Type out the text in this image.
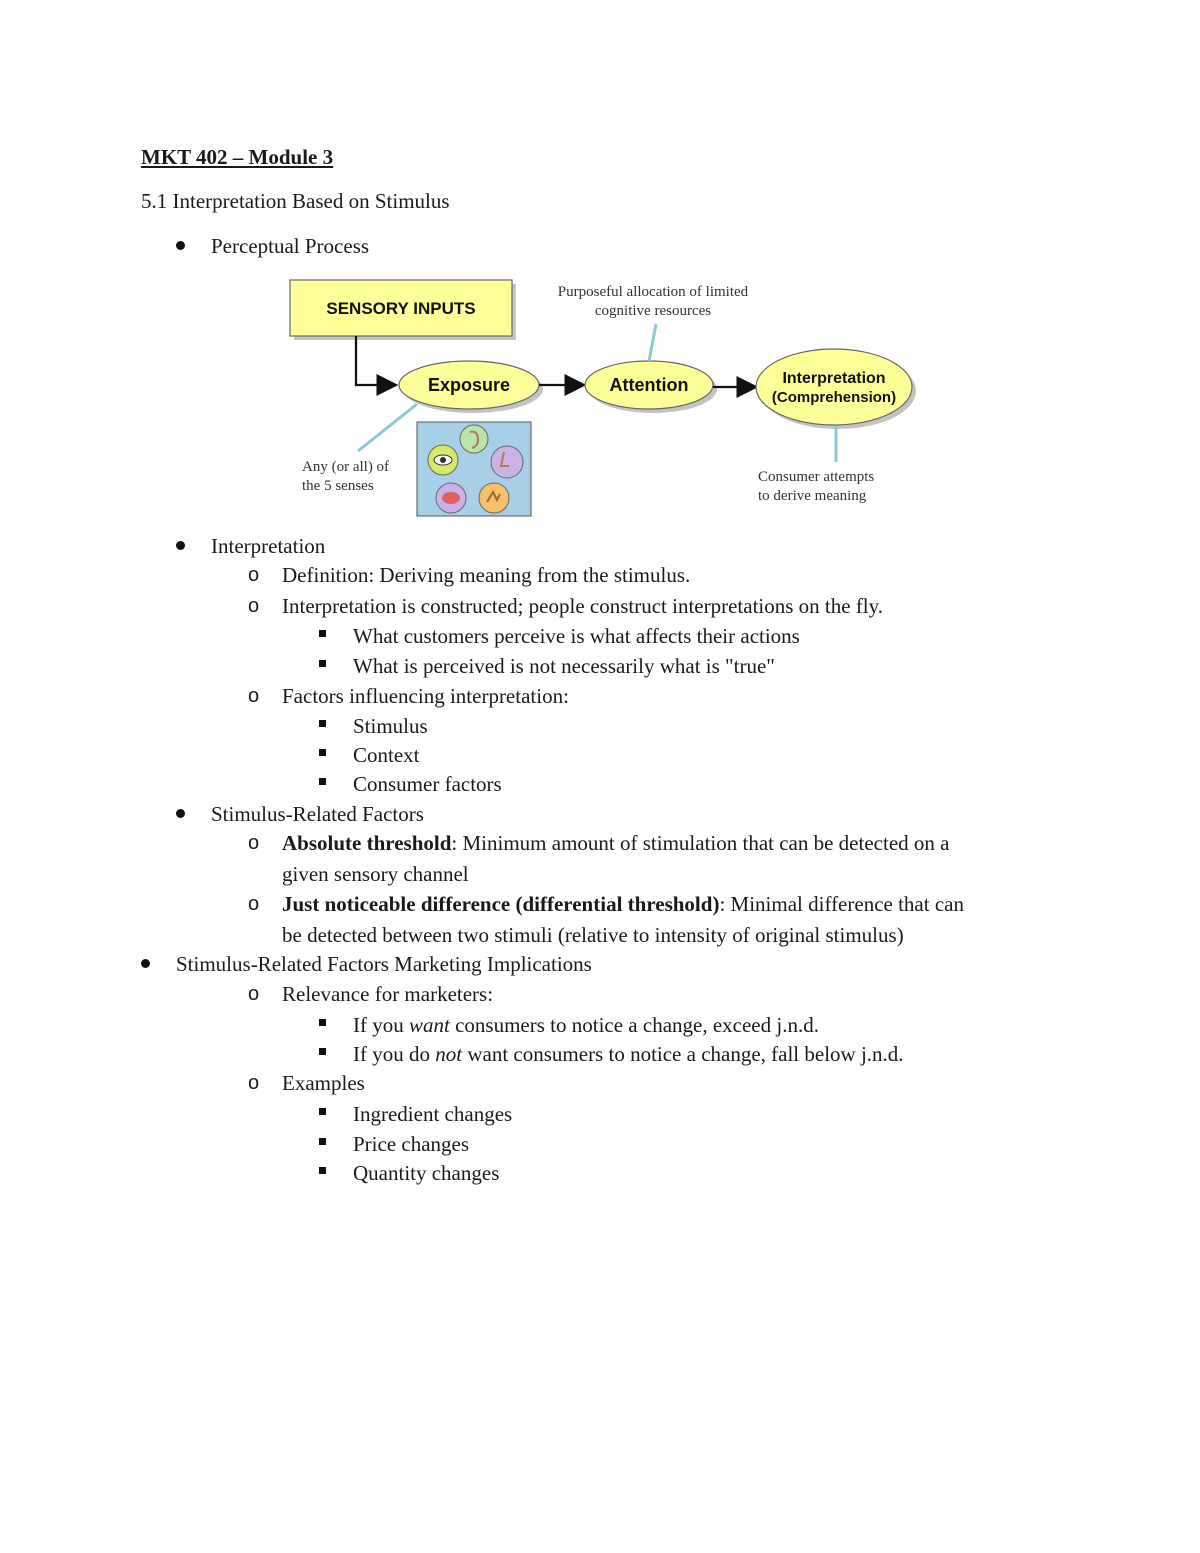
MKT 402 – Module 3
5.1 Interpretation Based on Stimulus
Perceptual Process
SENSORY INPUTS
Exposure	Attention	Interpretation
(Comprehension)
Purposeful allocation of limited
cognitive resources
Any (or all) of
the 5 senses
Consumer attempts
to derive meaning
Interpretation
o Definition: Deriving meaning from the stimulus.
o Interpretation is constructed; people construct interpretations on the fly.
What customers perceive is what affects their actions
What is perceived is not necessarily what is "true"
o Factors influencing interpretation:
Stimulus
Context
Consumer factors
Stimulus-Related Factors
o Absolute threshold: Minimum amount of stimulation that can be detected on a
given sensory channel
o Just noticeable difference (differential threshold): Minimal difference that can
be detected between two stimuli (relative to intensity of original stimulus)
Stimulus-Related Factors Marketing Implications
o Relevance for marketers:
If you want consumers to notice a change, exceed j.n.d.
If you do not want consumers to notice a change, fall below j.n.d.
o Examples
Ingredient changes
Price changes
Quantity changes
